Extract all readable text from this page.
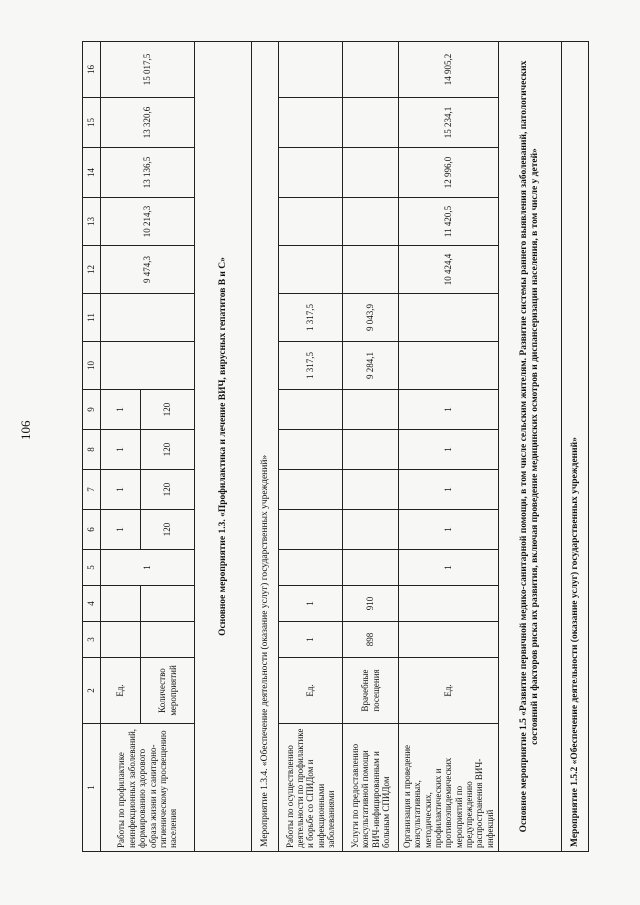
106
1	2	3	4	5	6	7	8	9	10	11	12	13	14	15	16
Работы по профилактике неинфекционных заболеваний, формированию здорового образа жизни и санитарно-гигиеническому просвещению населения	Ед.			1	1	1	1	1			9 474,3	10 214,3	13 136,5	13 320,6	15 017,5
	Количество мероприятий				120	120	120	120							
Основное мероприятие 1.3. «Профилактика и лечение ВИЧ, вирусных гепатитов B и C»															
Мероприятие 1.3.4. «Обеспечение деятельности (оказание услуг) государственных учреждений»															
Работы по осуществлению деятельности по профилактике и борьбе со СПИДом и инфекционными заболеваниями	Ед.	1	1						1 317,5	1 317,5					
Услуги по предоставлению консультативной помощи ВИЧ-инфицированным и больным СПИДом	Врачебные посещения	898	910						9 284,1	9 043,9					
Организация и проведение консультативных, методических, профилактических и противоэпидемических мероприятий по предупреждению распространения ВИЧ-инфекций	Ед.			1	1	1	1	1			10 424,4	11 420,5	12 996,0	15 234,1	14 905,2
Основное мероприятие 1.5 «Развитие первичной медико-санитарной помощи, в том числе сельским жителям. Развитие системы раннего выявления заболеваний, патологических состояний и факторов риска их развития, включая проведение медицинских осмотров и диспансеризации населения, в том числе у детей»															
Мероприятие 1.5.2 «Обеспечение деятельности (оказание услуг) государственных учреждений»															
